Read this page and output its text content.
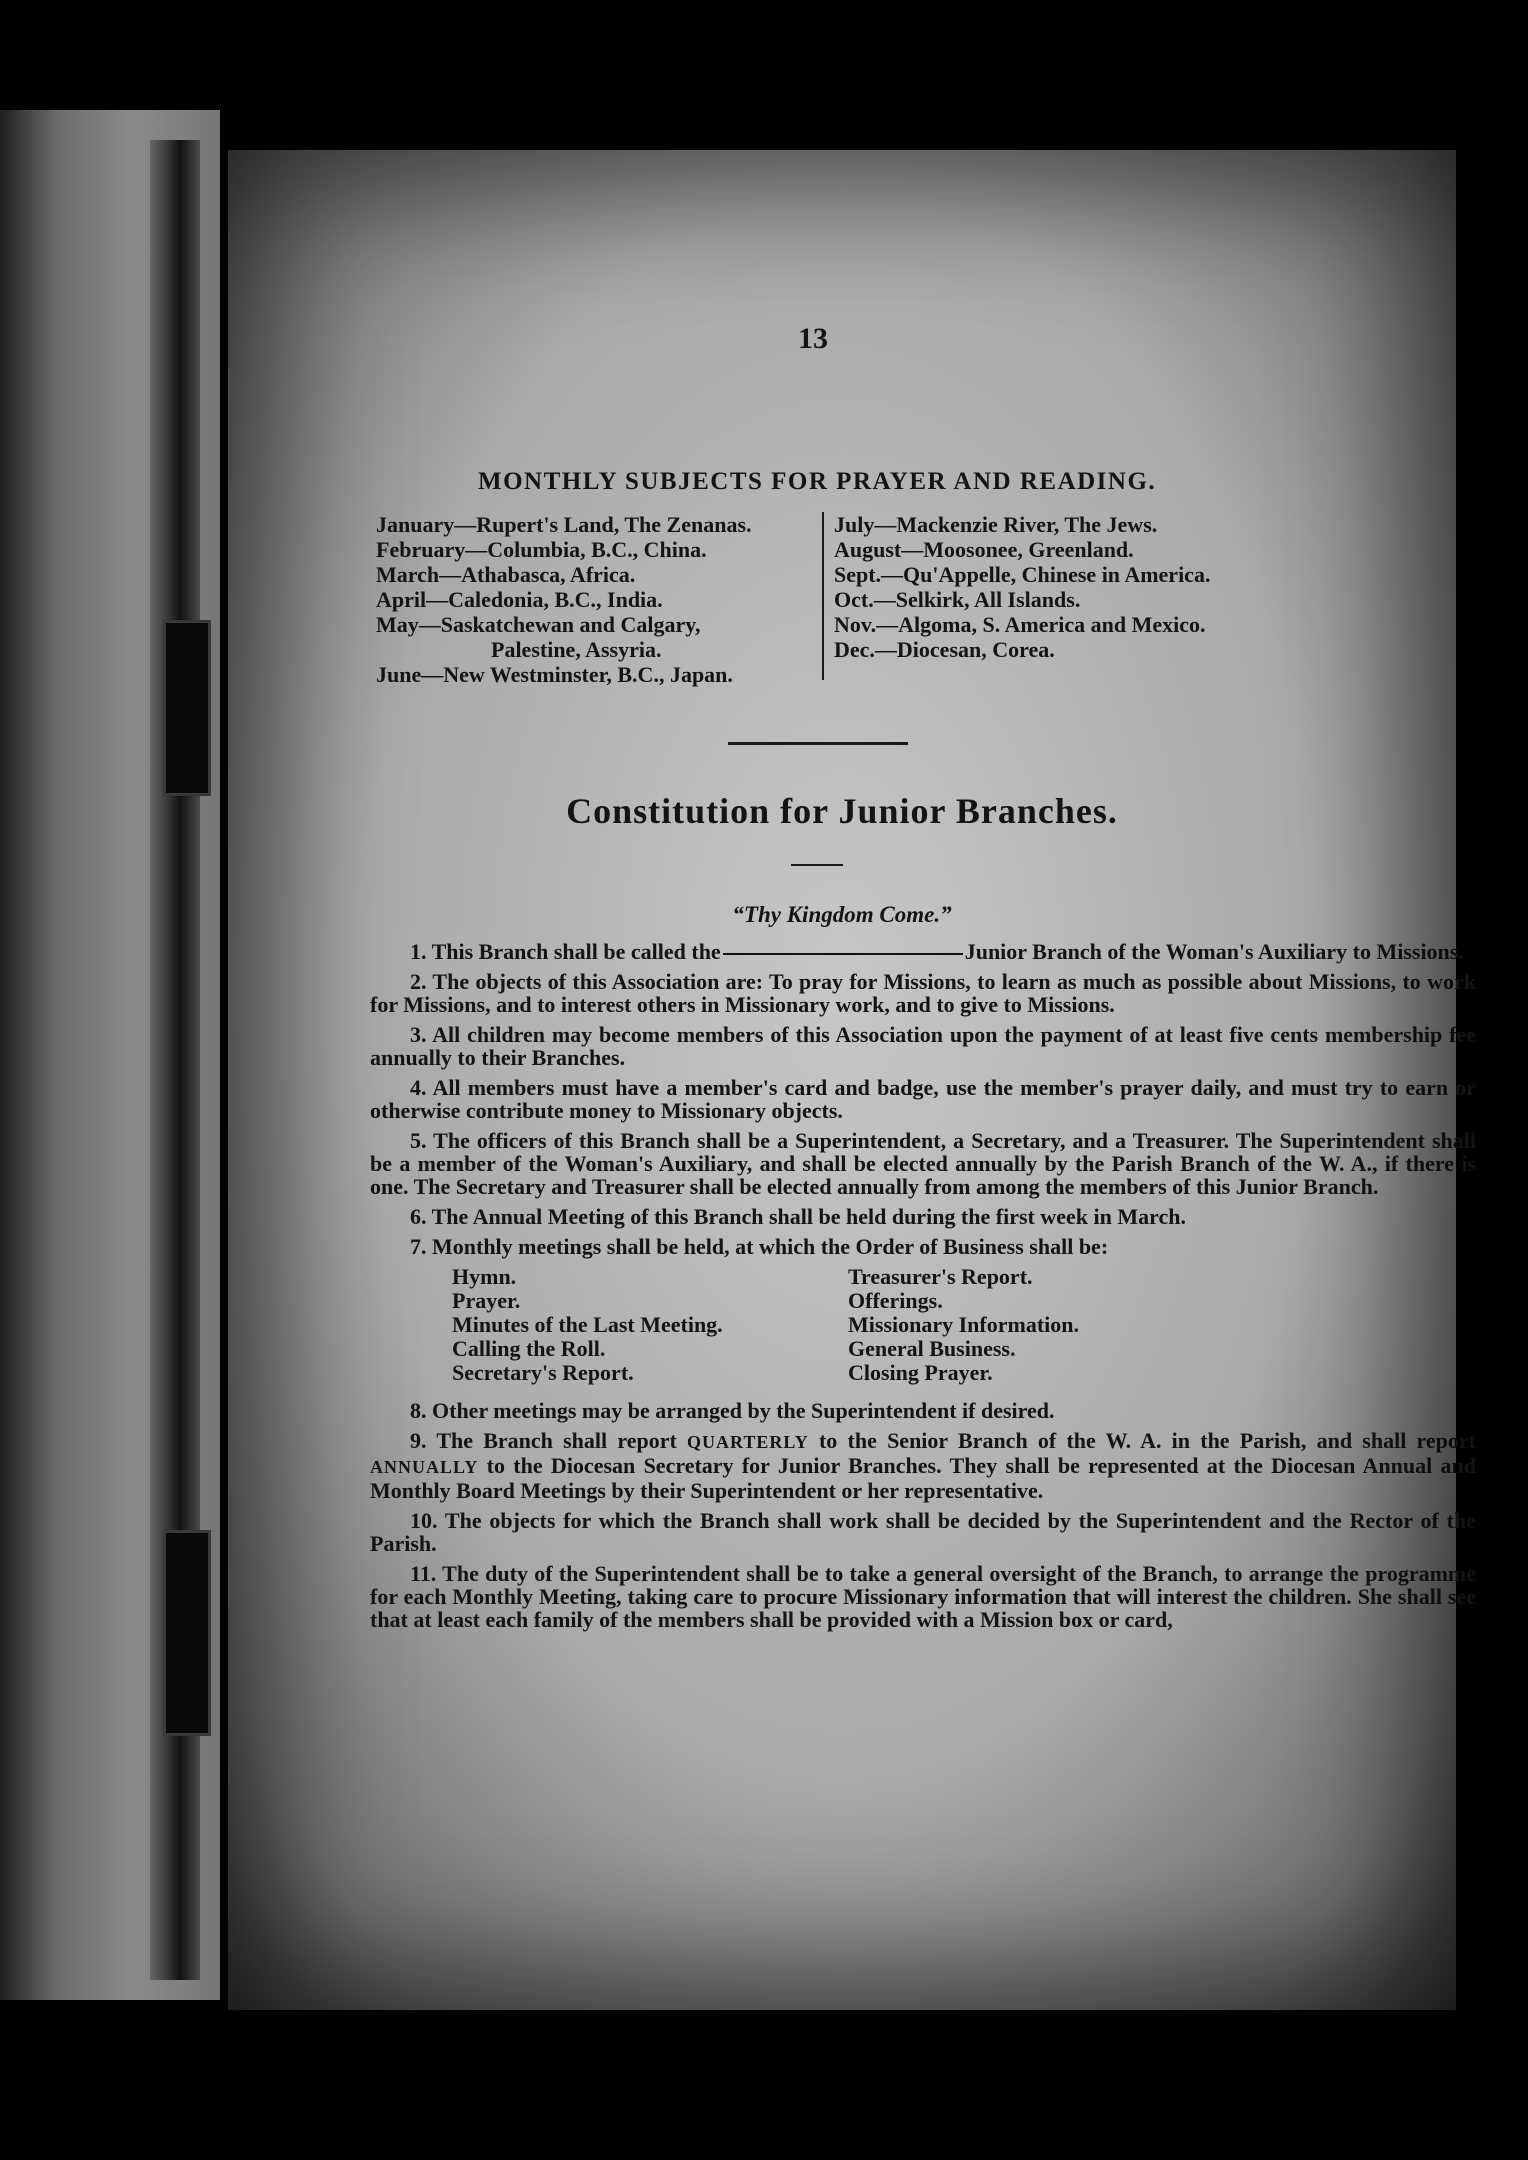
13
MONTHLY SUBJECTS FOR PRAYER AND READING.
January—Rupert's Land, The Zenanas.
February—Columbia, B.C., China.
March—Athabasca, Africa.
April—Caledonia, B.C., India.
May—Saskatchewan and Calgary,
Palestine, Assyria.
June—New Westminster, B.C., Japan.
July—Mackenzie River, The Jews.
August—Moosonee, Greenland.
Sept.—Qu'Appelle, Chinese in America.
Oct.—Selkirk, All Islands.
Nov.—Algoma, S. America and Mexico.
Dec.—Diocesan, Corea.
Constitution for Junior Branches.
“Thy Kingdom Come.”

1. This Branch shall be called the	Junior Branch of the Woman's Auxiliary to Missions.

2. The objects of this Association are: To pray for Missions, to learn as much as possible about Missions, to work for Missions, and to interest others in Missionary work, and to give to Missions.

3. All children may become members of this Association upon the payment of at least five cents membership fee annually to their Branches.

4. All members must have a member's card and badge, use the member's prayer daily, and must try to earn or otherwise contribute money to Missionary objects.

5. The officers of this Branch shall be a Superintendent, a Secretary, and a Treasurer. The Superintendent shall be a member of the Woman's Auxiliary, and shall be elected annually by the Parish Branch of the W. A., if there is one. The Secretary and Treasurer shall be elected annually from among the members of this Junior Branch.

6. The Annual Meeting of this Branch shall be held during the first week in March.

7. Monthly meetings shall be held, at which the Order of Business shall be:

Hymn.
Prayer.
Minutes of the Last Meeting.
Calling the Roll.
Secretary's Report.
Treasurer's Report.
Offerings.
Missionary Information.
General Business.
Closing Prayer.

8. Other meetings may be arranged by the Superintendent if desired.

9. The Branch shall report QUARTERLY to the Senior Branch of the W. A. in the Parish, and shall report ANNUALLY to the Diocesan Secretary for Junior Branches. They shall be represented at the Diocesan Annual and Monthly Board Meetings by their Superintendent or her representative.

10. The objects for which the Branch shall work shall be decided by the Superintendent and the Rector of the Parish.

11. The duty of the Superintendent shall be to take a general oversight of the Branch, to arrange the programme for each Monthly Meeting, taking care to procure Missionary information that will interest the children. She shall see that at least each family of the members shall be provided with a Mission box or card,
